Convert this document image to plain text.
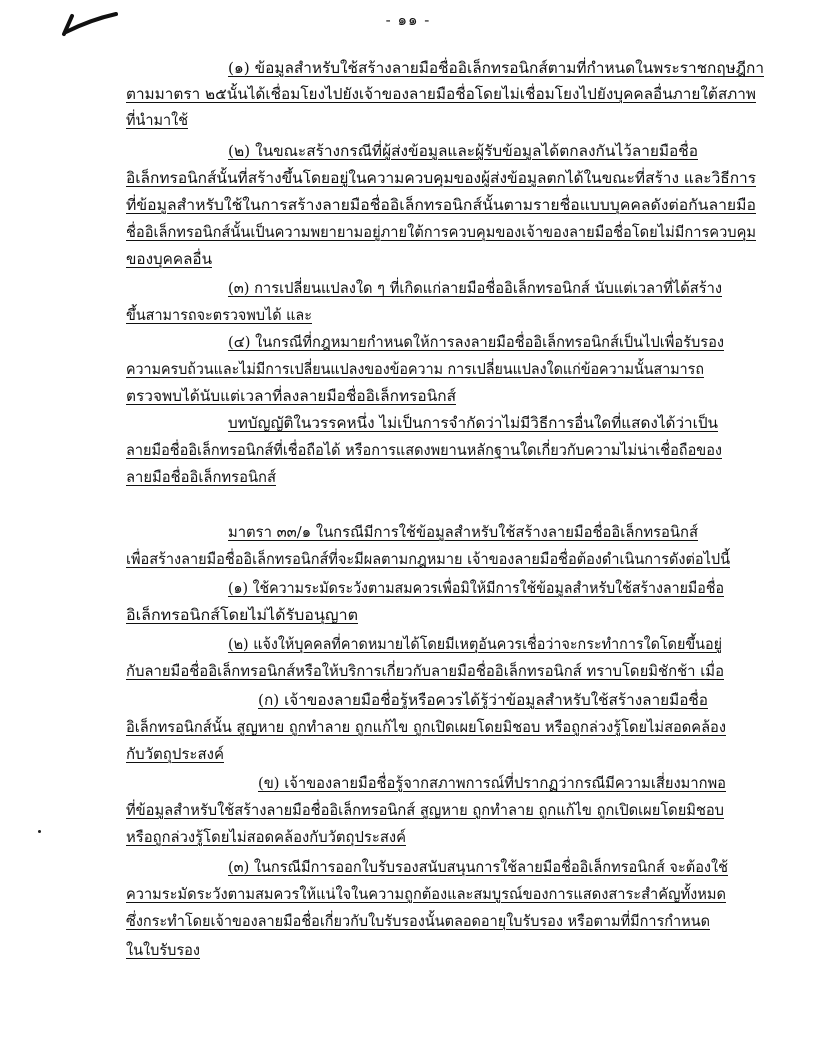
- ๑๑ -
(๑) ข้อมูลสำหรับใช้สร้างลายมือชื่ออิเล็กทรอนิกส์ตามที่กำหนดในพระราชกฤษฎีกา
ตามมาตรา ๒๕นั้นได้เชื่อมโยงไปยังเจ้าของลายมือชื่อโดยไม่เชื่อมโยงไปยังบุคคลอื่นภายใต้สภาพ
ที่นำมาใช้
(๒) ในขณะสร้างกรณีที่ผู้ส่งข้อมูลและผู้รับข้อมูลได้ตกลงกันไว้ลายมือชื่อ
อิเล็กทรอนิกส์นั้นที่สร้างขึ้นโดยอยู่ในความควบคุมของผู้ส่งข้อมูลตกได้ในขณะที่สร้าง และวิธีการ
ที่ข้อมูลสำหรับใช้ในการสร้างลายมือชื่ออิเล็กทรอนิกส์นั้นตามรายชื่อแบบบุคคลดังต่อกันลายมือ
ชื่ออิเล็กทรอนิกส์นั้นเป็นความพยายามอยู่ภายใต้การควบคุมของเจ้าของลายมือชื่อโดยไม่มีการควบคุม
ของบุคคลอื่น
(๓) การเปลี่ยนแปลงใด ๆ ที่เกิดแก่ลายมือชื่ออิเล็กทรอนิกส์ นับแต่เวลาที่ได้สร้าง
ขึ้นสามารถจะตรวจพบได้ และ
(๔) ในกรณีที่กฎหมายกำหนดให้การลงลายมือชื่ออิเล็กทรอนิกส์เป็นไปเพื่อรับรอง
ความครบถ้วนและไม่มีการเปลี่ยนแปลงของข้อความ การเปลี่ยนแปลงใดแก่ข้อความนั้นสามารถ
ตรวจพบได้นับแต่เวลาที่ลงลายมือชื่ออิเล็กทรอนิกส์
บทบัญญัติในวรรคหนึ่ง ไม่เป็นการจำกัดว่าไม่มีวิธีการอื่นใดที่แสดงได้ว่าเป็น
ลายมือชื่ออิเล็กทรอนิกส์ที่เชื่อถือได้ หรือการแสดงพยานหลักฐานใดเกี่ยวกับความไม่น่าเชื่อถือของ
ลายมือชื่ออิเล็กทรอนิกส์
มาตรา ๓๓/๑ ในกรณีมีการใช้ข้อมูลสำหรับใช้สร้างลายมือชื่ออิเล็กทรอนิกส์
เพื่อสร้างลายมือชื่ออิเล็กทรอนิกส์ที่จะมีผลตามกฎหมาย เจ้าของลายมือชื่อต้องดำเนินการดังต่อไปนี้
(๑) ใช้ความระมัดระวังตามสมควรเพื่อมิให้มีการใช้ข้อมูลสำหรับใช้สร้างลายมือชื่อ
อิเล็กทรอนิกส์โดยไม่ได้รับอนุญาต
(๒) แจ้งให้บุคคลที่คาดหมายได้โดยมีเหตุอันควรเชื่อว่าจะกระทำการใดโดยขึ้นอยู่
กับลายมือชื่ออิเล็กทรอนิกส์หรือให้บริการเกี่ยวกับลายมือชื่ออิเล็กทรอนิกส์ ทราบโดยมิชักช้า เมื่อ
(ก) เจ้าของลายมือชื่อรู้หรือควรได้รู้ว่าข้อมูลสำหรับใช้สร้างลายมือชื่อ
อิเล็กทรอนิกส์นั้น สูญหาย ถูกทำลาย ถูกแก้ไข ถูกเปิดเผยโดยมิชอบ หรือถูกล่วงรู้โดยไม่สอดคล้อง
กับวัตถุประสงค์
(ข) เจ้าของลายมือชื่อรู้จากสภาพการณ์ที่ปรากฏว่ากรณีมีความเสี่ยงมากพอ
ที่ข้อมูลสำหรับใช้สร้างลายมือชื่ออิเล็กทรอนิกส์ สูญหาย ถูกทำลาย ถูกแก้ไข ถูกเปิดเผยโดยมิชอบ
หรือถูกล่วงรู้โดยไม่สอดคล้องกับวัตถุประสงค์
(๓) ในกรณีมีการออกใบรับรองสนับสนุนการใช้ลายมือชื่ออิเล็กทรอนิกส์ จะต้องใช้
ความระมัดระวังตามสมควรให้แน่ใจในความถูกต้องและสมบูรณ์ของการแสดงสาระสำคัญทั้งหมด
ซึ่งกระทำโดยเจ้าของลายมือชื่อเกี่ยวกับใบรับรองนั้นตลอดอายุใบรับรอง หรือตามที่มีการกำหนด
ในใบรับรอง
